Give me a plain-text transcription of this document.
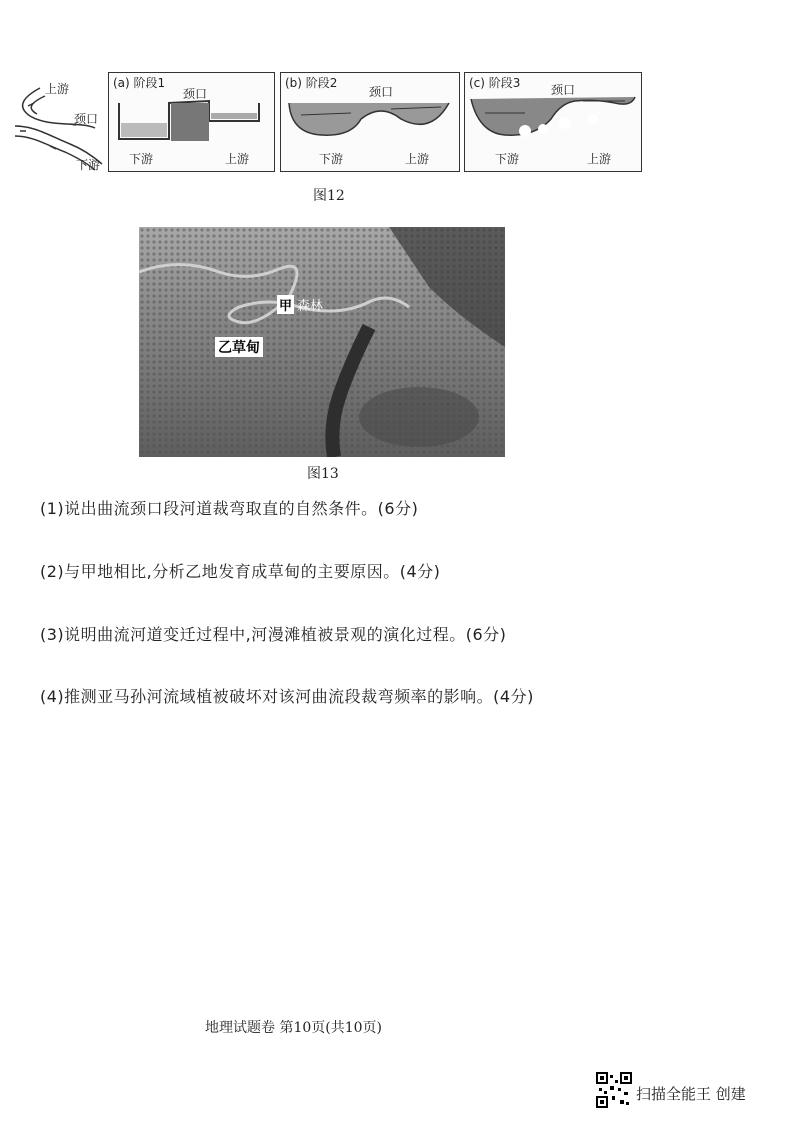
上游
颈口
下游
(a) 阶段1
颈口
下游	上游
(b) 阶段2
颈口
下游	上游
(c) 阶段3	颈口
下游	上游
图12
甲 森林
乙草甸
图13
(1)说出曲流颈口段河道裁弯取直的自然条件。(6分)
(2)与甲地相比,分析乙地发育成草甸的主要原因。(4分)
(3)说明曲流河道变迁过程中,河漫滩植被景观的演化过程。(6分)
(4)推测亚马孙河流域植被破坏对该河曲流段裁弯频率的影响。(4分)
地理试题卷 第10页(共10页)
扫描全能王 创建
